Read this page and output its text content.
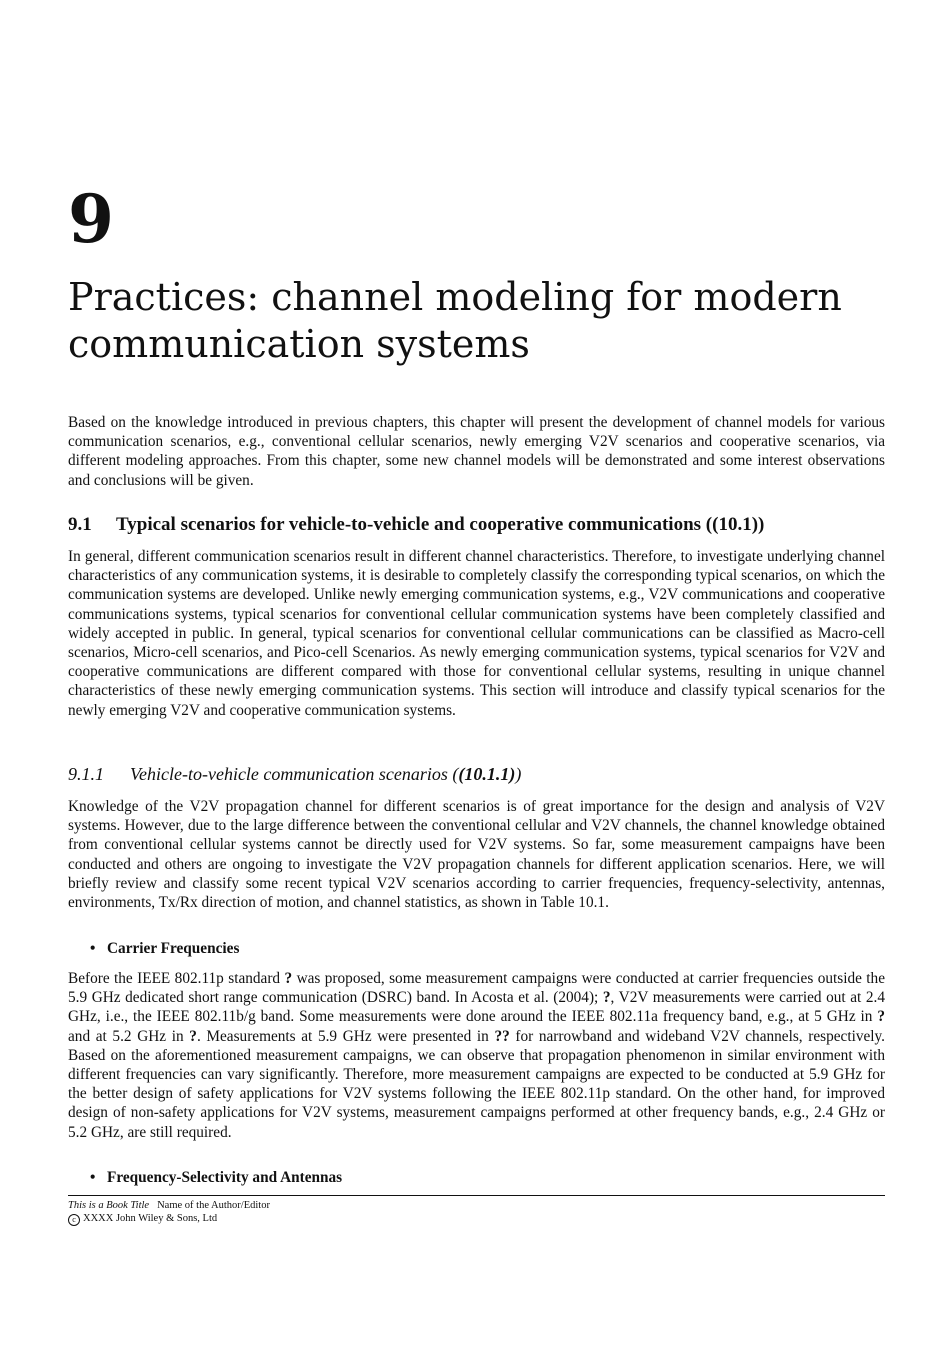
9
Practices: channel modeling for modern communication systems

Based on the knowledge introduced in previous chapters, this chapter will present the development of channel models for various communication scenarios, e.g., conventional cellular scenarios, newly emerging V2V scenarios and cooperative scenarios, via different modeling approaches. From this chapter, some new channel models will be demonstrated and some interest observations and conclusions will be given.

9.1 Typical scenarios for vehicle-to-vehicle and cooperative communications ((10.1))

In general, different communication scenarios result in different channel characteristics. Therefore, to investigate underlying channel characteristics of any communication systems, it is desirable to completely classify the corresponding typical scenarios, on which the communication systems are developed. Unlike newly emerging communication systems, e.g., V2V communications and cooperative communications systems, typical scenarios for conventional cellular communication systems have been completely classified and widely accepted in public. In general, typical scenarios for conventional cellular communications can be classified as Macro-cell scenarios, Micro-cell scenarios, and Pico-cell Scenarios. As newly emerging communication systems, typical scenarios for V2V and cooperative communications are different compared with those for conventional cellular systems, resulting in unique channel characteristics of these newly emerging communication systems. This section will introduce and classify typical scenarios for the newly emerging V2V and cooperative communication systems.

9.1.1 Vehicle-to-vehicle communication scenarios ((10.1.1))

Knowledge of the V2V propagation channel for different scenarios is of great importance for the design and analysis of V2V systems. However, due to the large difference between the conventional cellular and V2V channels, the channel knowledge obtained from conventional cellular systems cannot be directly used for V2V systems. So far, some measurement campaigns have been conducted and others are ongoing to investigate the V2V propagation channels for different application scenarios. Here, we will briefly review and classify some recent typical V2V scenarios according to carrier frequencies, frequency-selectivity, antennas, environments, Tx/Rx direction of motion, and channel statistics, as shown in Table 10.1.

• Carrier Frequencies

Before the IEEE 802.11p standard ? was proposed, some measurement campaigns were conducted at carrier frequencies outside the 5.9 GHz dedicated short range communication (DSRC) band. In Acosta et al. (2004); ?, V2V measurements were carried out at 2.4 GHz, i.e., the IEEE 802.11b/g band. Some measurements were done around the IEEE 802.11a frequency band, e.g., at 5 GHz in ? and at 5.2 GHz in ?. Measurements at 5.9 GHz were presented in ?? for narrowband and wideband V2V channels, respectively. Based on the aforementioned measurement campaigns, we can observe that propagation phenomenon in similar environment with different frequencies can vary significantly. Therefore, more measurement campaigns are expected to be conducted at 5.9 GHz for the better design of safety applications for V2V systems following the IEEE 802.11p standard. On the other hand, for improved design of non-safety applications for V2V systems, measurement campaigns performed at other frequency bands, e.g., 2.4 GHz or 5.2 GHz, are still required.

• Frequency-Selectivity and Antennas
This is a Book Title Name of the Author/Editor
c XXXX John Wiley & Sons, Ltd
